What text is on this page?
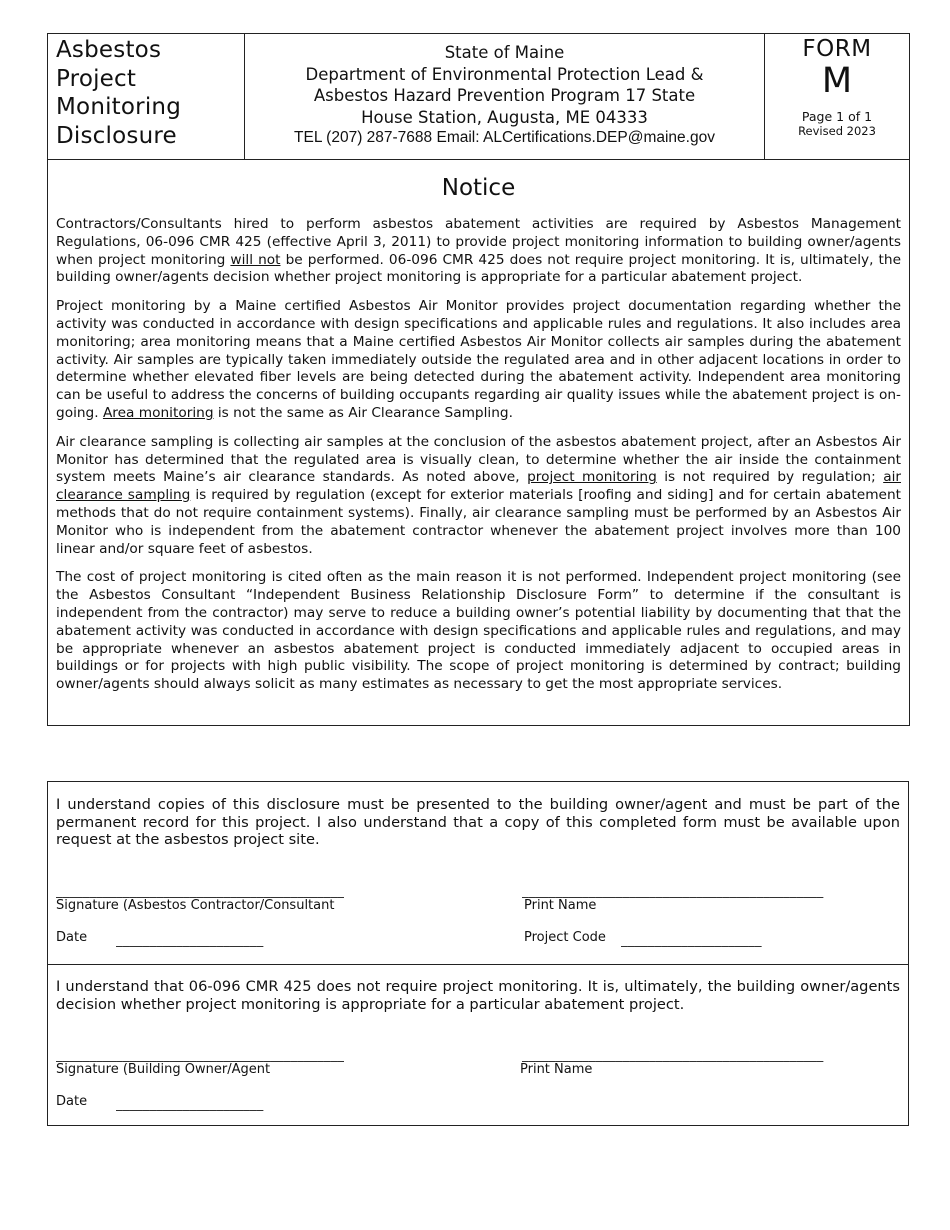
Asbestos
Project
Monitoring
Disclosure
State of Maine
Department of Environmental Protection Lead &
Asbestos Hazard Prevention Program 17 State
House Station, Augusta, ME 04333
TEL (207) 287-7688 Email: ALCertifications.DEP@maine.gov
FORM
M
Page 1 of 1
Revised 2023
Notice

Contractors/Consultants hired to perform asbestos abatement activities are required by Asbestos Management Regulations, 06-096 CMR 425 (effective April 3, 2011) to provide project monitoring information to building owner/agents when project monitoring will not be performed. 06-096 CMR 425 does not require project monitoring. It is, ultimately, the building owner/agents decision whether project monitoring is appropriate for a particular abatement project.

Project monitoring by a Maine certified Asbestos Air Monitor provides project documentation regarding whether the activity was conducted in accordance with design specifications and applicable rules and regulations. It also includes area monitoring; area monitoring means that a Maine certified Asbestos Air Monitor collects air samples during the abatement activity. Air samples are typically taken immediately outside the regulated area and in other adjacent locations in order to determine whether elevated fiber levels are being detected during the abatement activity. Independent area monitoring can be useful to address the concerns of building occupants regarding air quality issues while the abatement project is on-going. Area monitoring is not the same as Air Clearance Sampling.

Air clearance sampling is collecting air samples at the conclusion of the asbestos abatement project, after an Asbestos Air Monitor has determined that the regulated area is visually clean, to determine whether the air inside the containment system meets Maine’s air clearance standards. As noted above, project monitoring is not required by regulation; air clearance sampling is required by regulation (except for exterior materials [roofing and siding] and for certain abatement methods that do not require containment systems). Finally, air clearance sampling must be performed by an Asbestos Air Monitor who is independent from the abatement contractor whenever the abatement project involves more than 100 linear and/or square feet of asbestos.

The cost of project monitoring is cited often as the main reason it is not performed. Independent project monitoring (see the Asbestos Consultant “Independent Business Relationship Disclosure Form” to determine if the consultant is independent from the contractor) may serve to reduce a building owner’s potential liability by documenting that that the abatement activity was conducted in accordance with design specifications and applicable rules and regulations, and may be appropriate whenever an asbestos abatement project is conducted immediately adjacent to occupied areas in buildings or for projects with high public visibility. The scope of project monitoring is determined by contract; building owner/agents should always solicit as many estimates as necessary to get the most appropriate services.

I understand copies of this disclosure must be presented to the building owner/agent and must be part of the permanent record for this project. I also understand that a copy of this completed form must be available upon request at the asbestos project site.

___________________________________________	_____________________________________________
Signature (Asbestos Contractor/Consultant	Print Name
Date ______________________	Project Code _____________________

I understand that 06-096 CMR 425 does not require project monitoring. It is, ultimately, the building owner/agents decision whether project monitoring is appropriate for a particular abatement project.

___________________________________________	_____________________________________________
Signature (Building Owner/Agent	Print Name
Date ______________________
